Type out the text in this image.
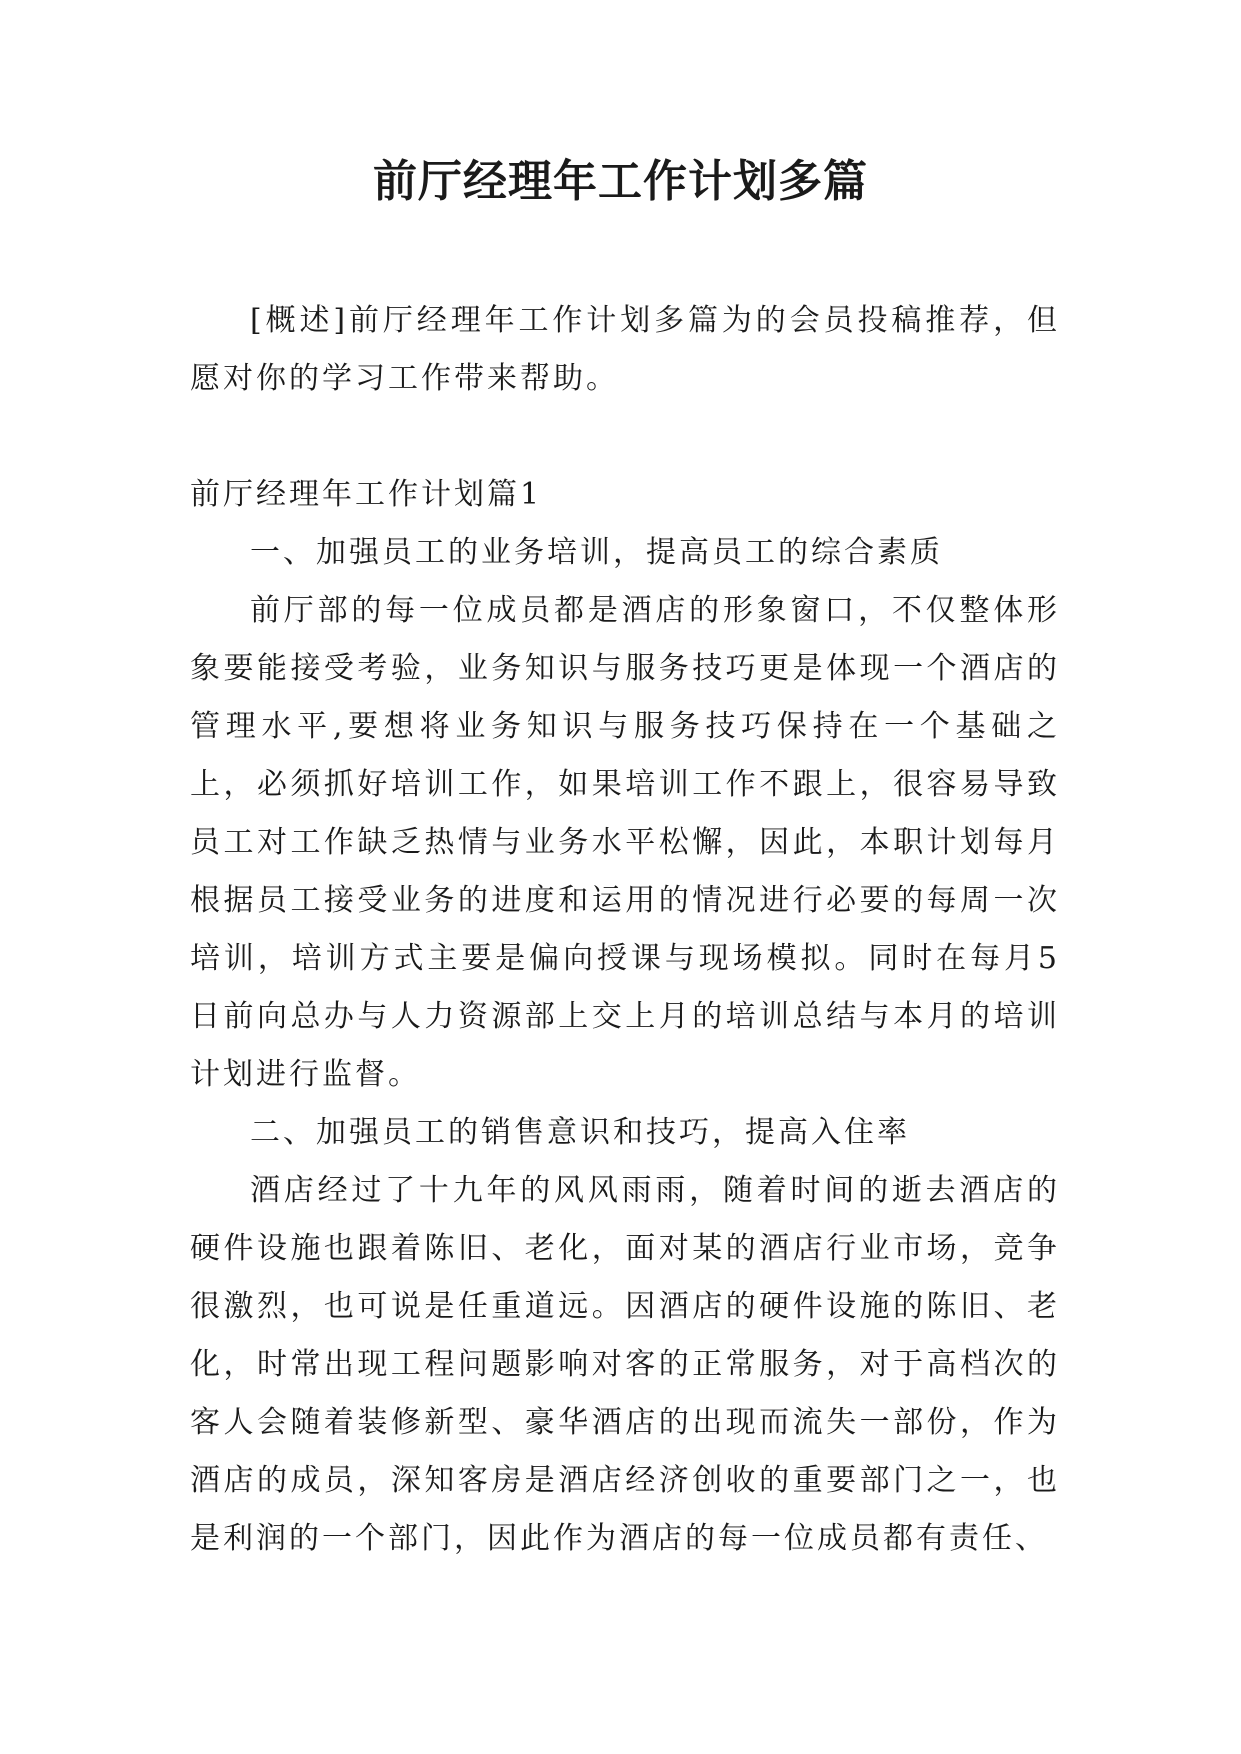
前厅经理年工作计划多篇

[概述]前厅经理年工作计划多篇为的会员投稿推荐，但愿对你的学习工作带来帮助。

前厅经理年工作计划篇1

一、加强员工的业务培训，提高员工的综合素质

前厅部的每一位成员都是酒店的形象窗口，不仅整体形象要能接受考验，业务知识与服务技巧更是体现一个酒店的管理水平,要想将业务知识与服务技巧保持在一个基础之上，必须抓好培训工作，如果培训工作不跟上，很容易导致员工对工作缺乏热情与业务水平松懈，因此，本职计划每月根据员工接受业务的进度和运用的情况进行必要的每周一次培训，培训方式主要是偏向授课与现场模拟。同时在每月5日前向总办与人力资源部上交上月的培训总结与本月的培训计划进行监督。

二、加强员工的销售意识和技巧，提高入住率

酒店经过了十九年的风风雨雨，随着时间的逝去酒店的硬件设施也跟着陈旧、老化，面对某的酒店行业市场，竞争很激烈，也可说是任重道远。因酒店的硬件设施的陈旧、老化，时常出现工程问题影响对客的正常服务，对于高档次的客人会随着装修新型、豪华酒店的出现而流失一部份，作为酒店的成员，深知客房是酒店经济创收的重要部门之一，也是利润的一个部门，因此作为酒店的每一位成员都有责任、
